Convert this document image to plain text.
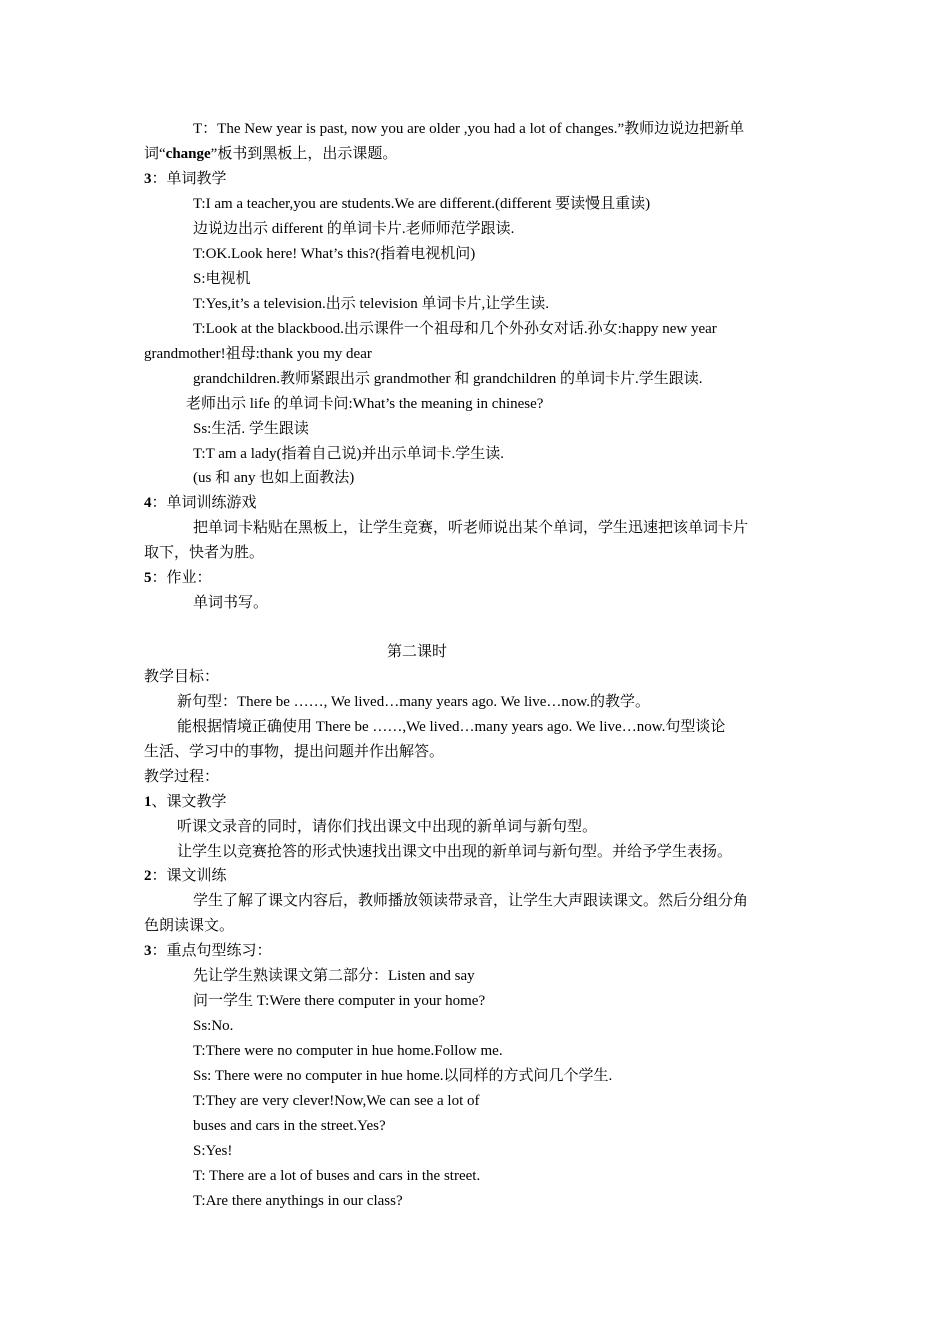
T：The New year is past, now you are older ,you had a lot of changes.”教师边说边把新单
词“change”板书到黑板上，出示课题。
3：单词教学
T:I am a teacher,you are students.We are different.(different 要读慢且重读)
边说边出示 different 的单词卡片.老师师范学跟读.
T:OK.Look here! What’s this?(指着电视机问)
S:电视机
T:Yes,it’s a television.出示 television 单词卡片,让学生读.
T:Look at the blackbood.出示课件一个祖母和几个外孙女对话.孙女:happy new year
grandmother!祖母:thank you my dear
grandchildren.教师紧跟出示 grandmother 和 grandchildren 的单词卡片.学生跟读.
老师出示 life 的单词卡问:What’s the meaning in chinese?
Ss:生活. 学生跟读
T:T am a lady(指着自己说)并出示单词卡.学生读.
(us 和 any 也如上面教法)
4：单词训练游戏
把单词卡粘贴在黑板上，让学生竞赛，听老师说出某个单词，学生迅速把该单词卡片
取下，快者为胜。
5：作业：
单词书写。
第二课时
教学目标：
新句型：There be ……, We lived…many years ago. We live…now.的教学。
能根据情境正确使用 There be ……,We lived…many years ago. We live…now.句型谈论
生活、学习中的事物，提出问题并作出解答。
教学过程：
1、课文教学
听课文录音的同时，请你们找出课文中出现的新单词与新句型。
让学生以竞赛抢答的形式快速找出课文中出现的新单词与新句型。并给予学生表扬。
2：课文训练
学生了解了课文内容后，教师播放领读带录音，让学生大声跟读课文。然后分组分角
色朗读课文。
3：重点句型练习：
先让学生熟读课文第二部分：Listen and say
问一学生 T:Were there computer in your home?
Ss:No.
T:There were no computer in hue home.Follow me.
Ss: There were no computer in hue home.以同样的方式问几个学生.
T:They are very clever!Now,We can see a lot of
buses and cars in the street.Yes?
S:Yes!
T: There are a lot of buses and cars in the street.
T:Are there anythings in our class?
